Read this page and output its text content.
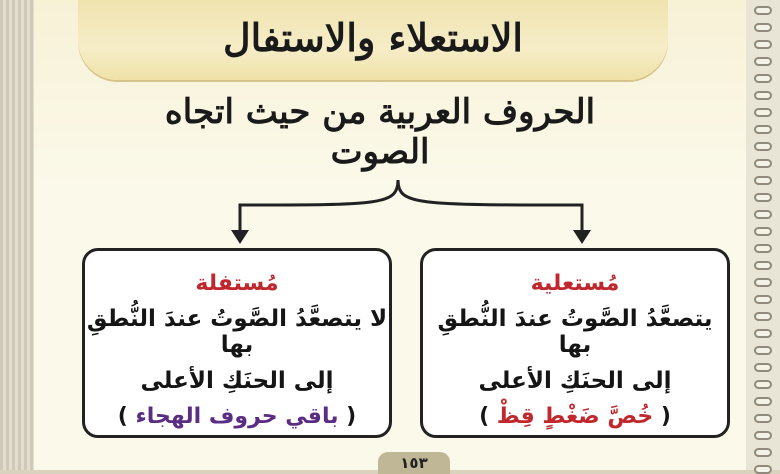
الاستعلاء والاستفال
الحروف العربية من حيث اتجاه الصوت
مُستعلية
يتصعَّدُ الصَّوتُ عندَ النُّطقِ بها
إلى الحنَكِ الأعلى
( خُصَّ ضَغْطٍ قِظْ )
مُستفلة
لا يتصعَّدُ الصَّوتُ عندَ النُّطقِ بها
إلى الحنَكِ الأعلى
( باقي حروف الهجاء )
١٥٣
